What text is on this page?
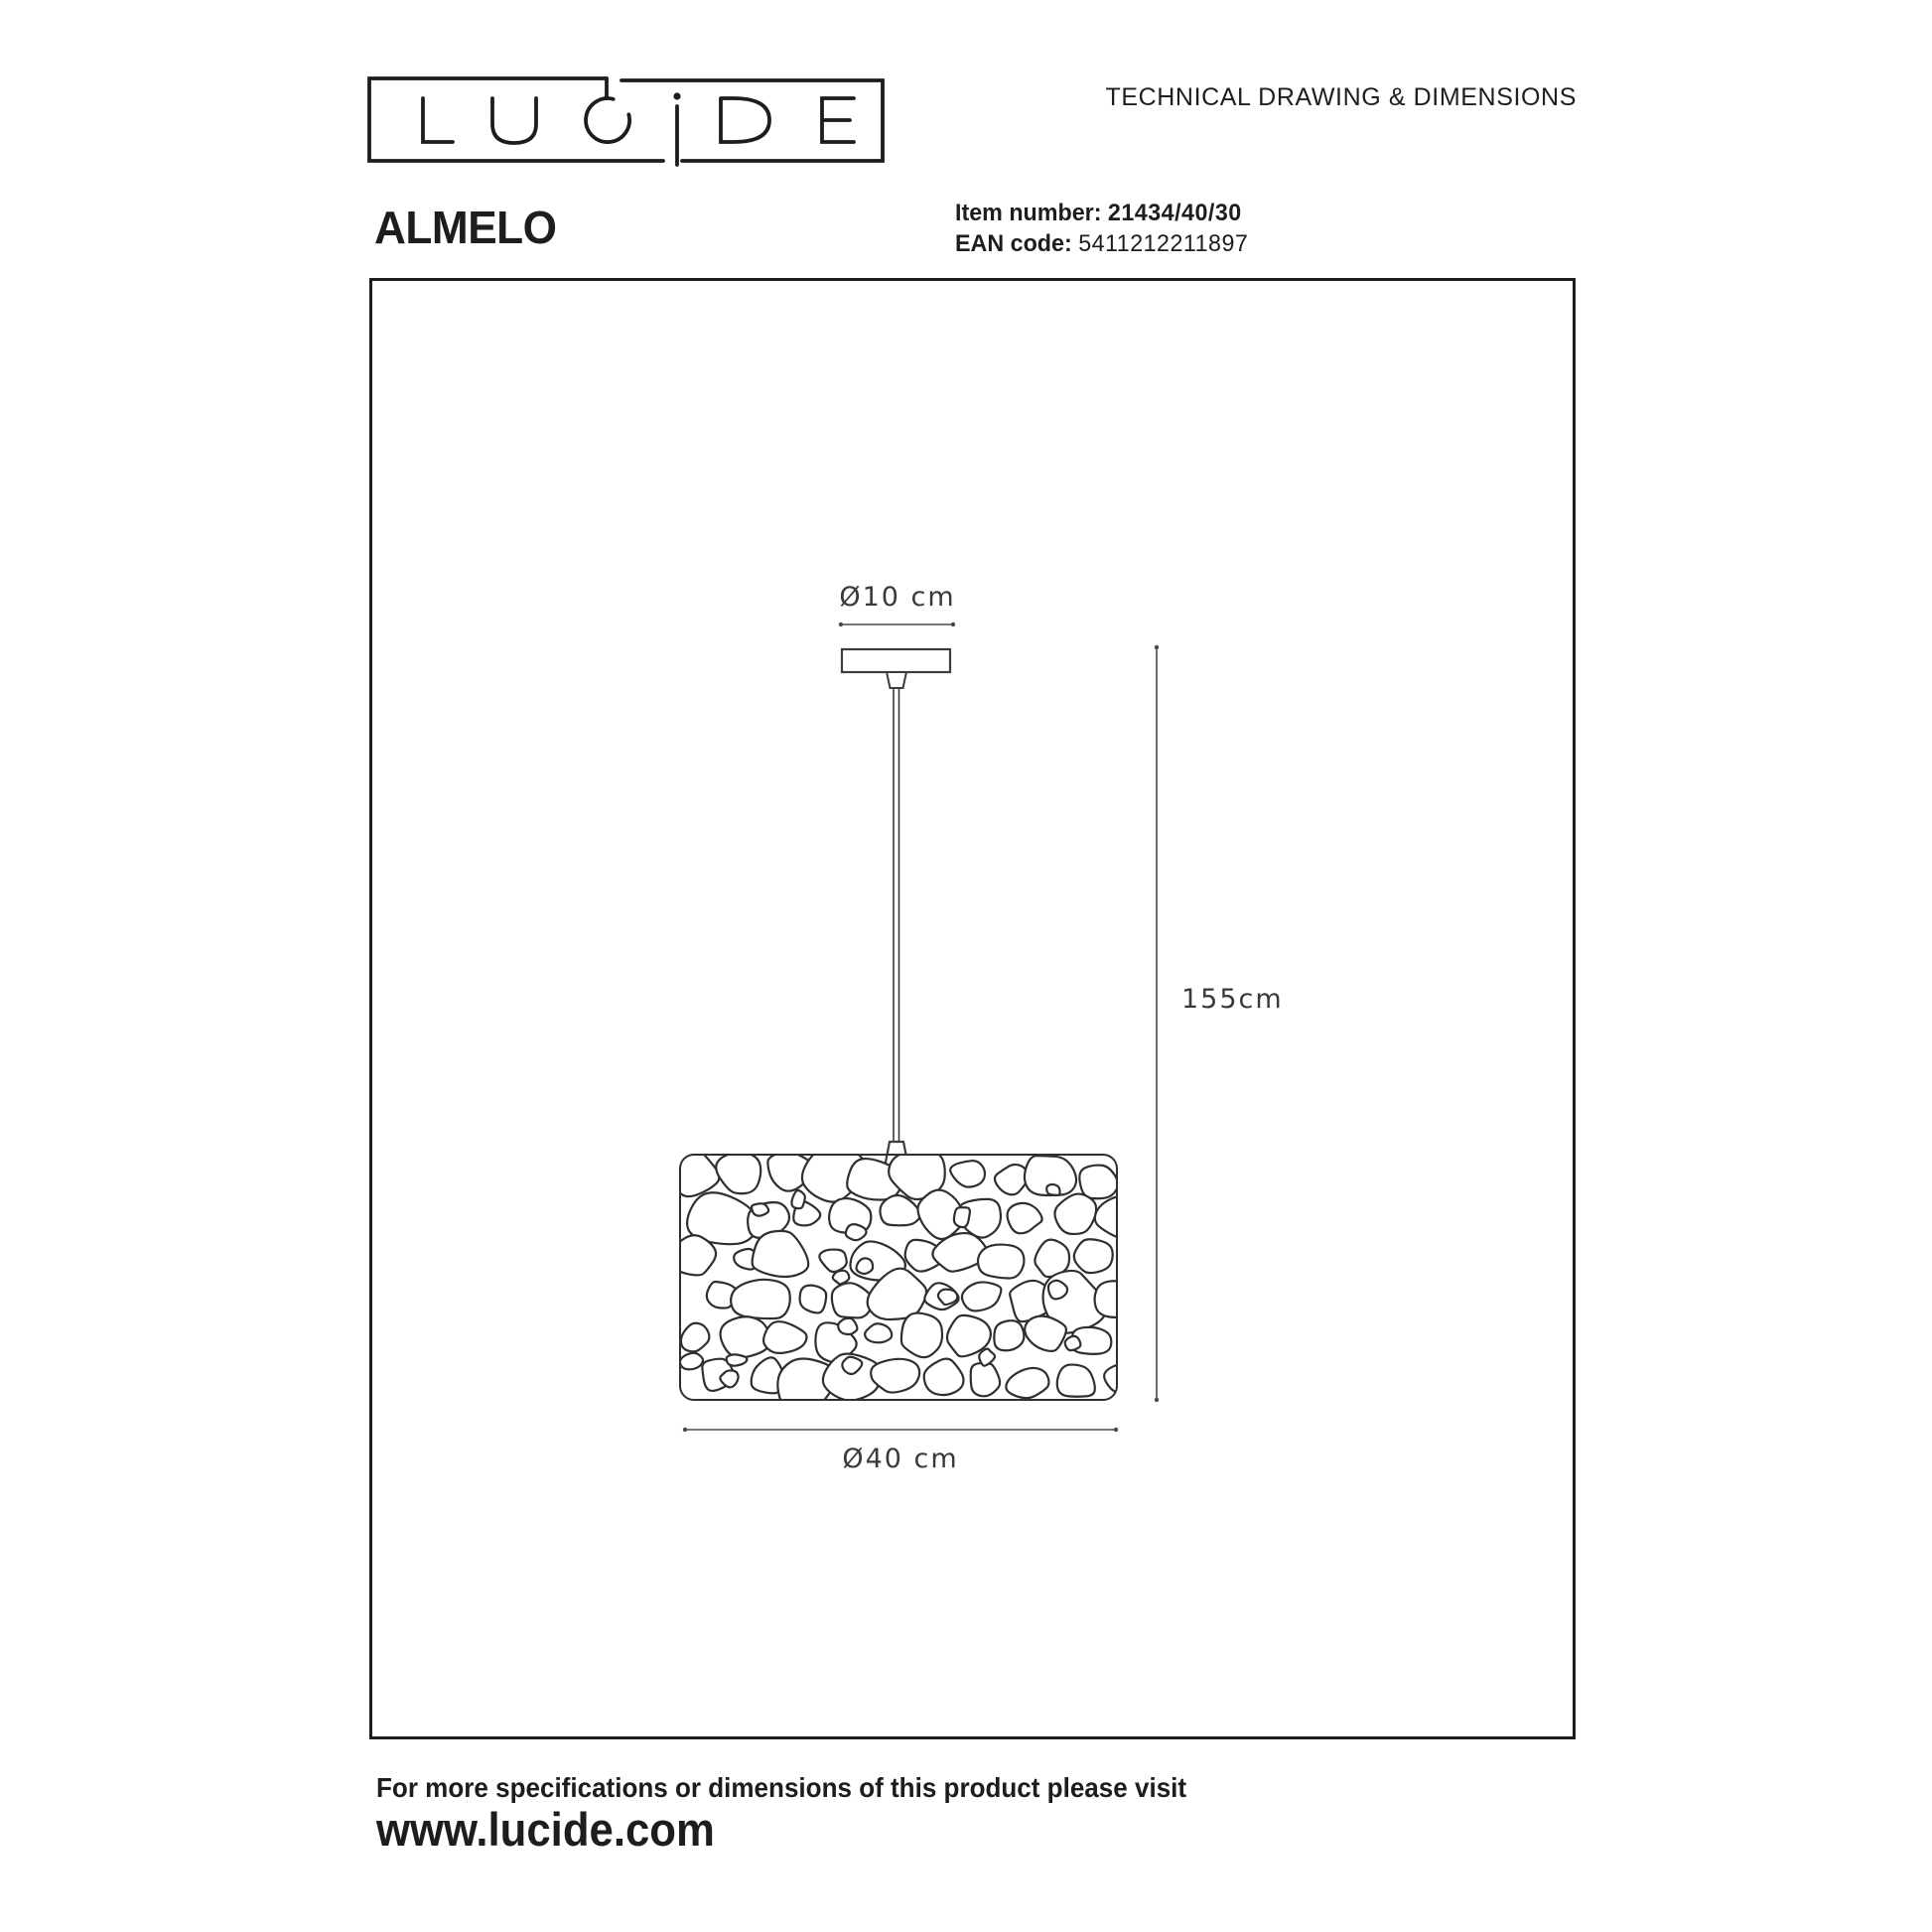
Ø10 cm
155cm
Ø40 cm
TECHNICAL DRAWING & DIMENSIONS
ALMELO	Item number: 21434/40/30
EAN code: 5411212211897
For more specifications or dimensions of this product please visit
www.lucide.com
